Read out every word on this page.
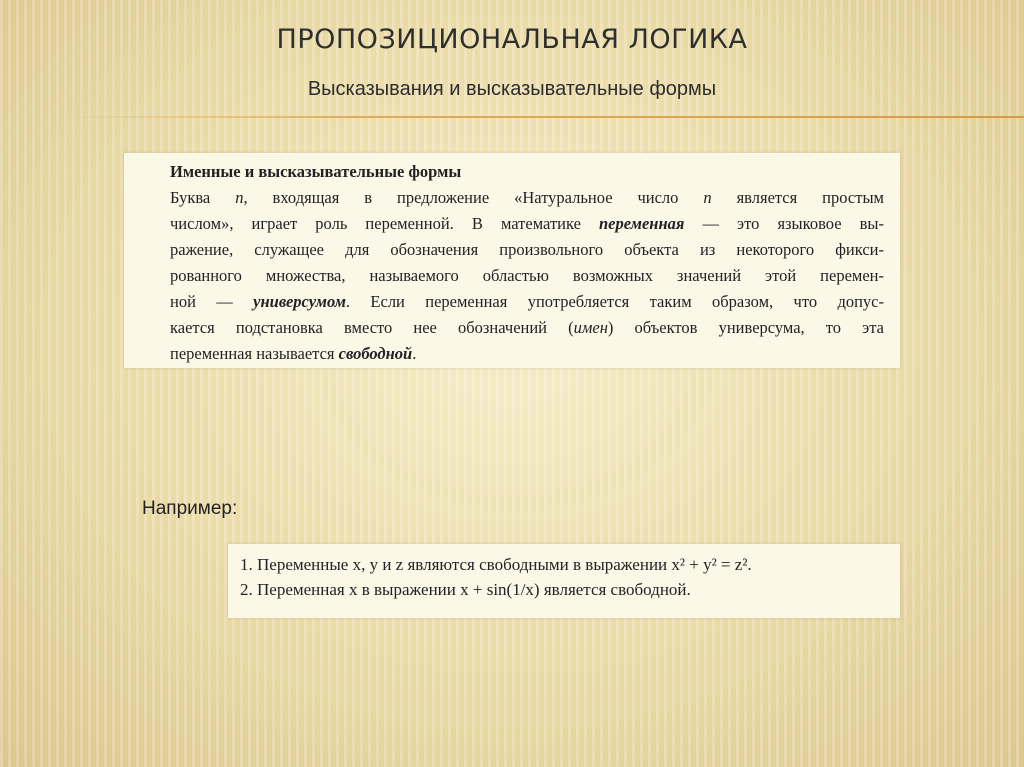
ПРОПОЗИЦИОНАЛЬНАЯ ЛОГИКА
Высказывания и высказывательные формы
Именные и высказывательные формы
Буква n, входящая в предложение «Натуральное число n является простым
числом», играет роль переменной. В математике переменная — это языковое вы-
ражение, служащее для обозначения произвольного объекта из некоторого фикси-
рованного множества, называемого областью возможных значений этой перемен-
ной — универсумом. Если переменная употребляется таким образом, что допус-
кается подстановка вместо нее обозначений (имен) объектов универсума, то эта
переменная называется свободной.
Например:
1. Переменные x, y и z являются свободными в выражении x² + y² = z².
2. Переменная x в выражении x + sin(1/x) является свободной.
